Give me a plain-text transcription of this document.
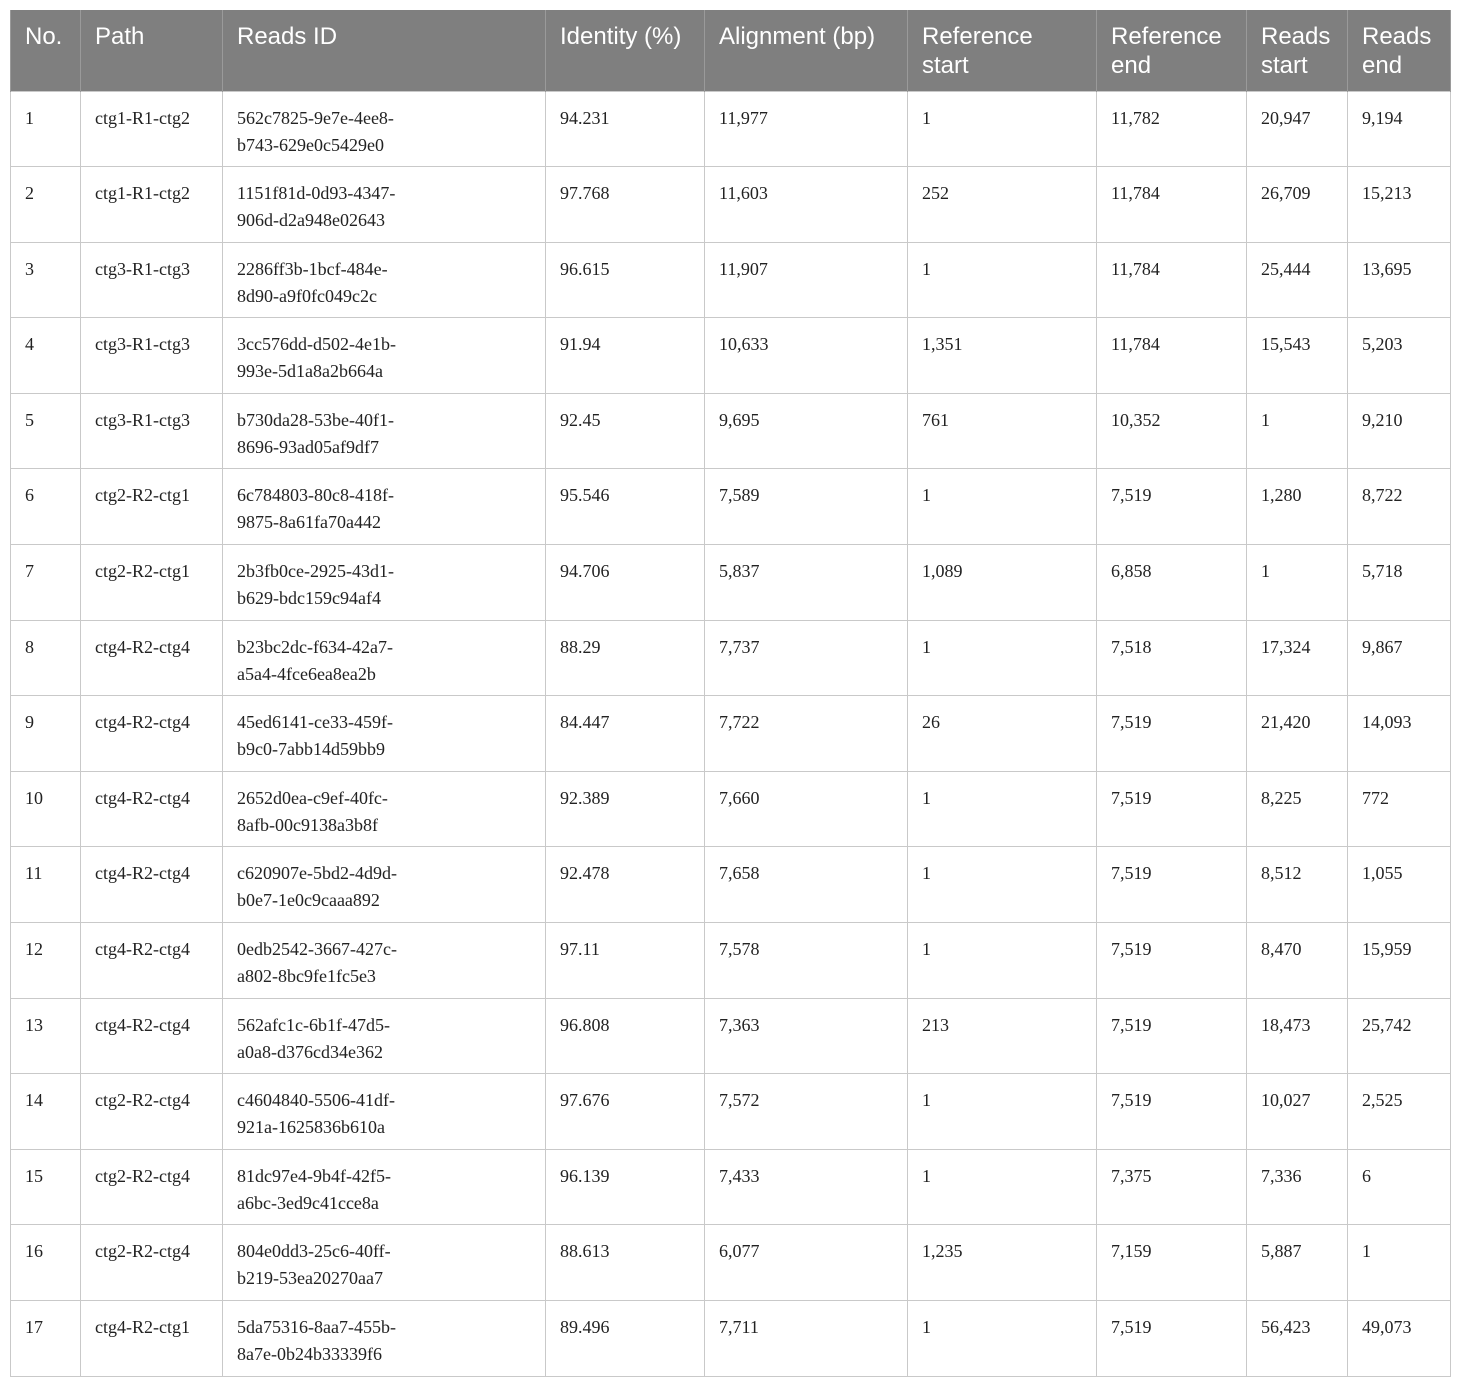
No.	Path	Reads ID	Identity (%)	Alignment (bp)	Reference start	Reference end	Reads start	Reads end
1	ctg1-R1-ctg2	562c7825-9e7e-4ee8-
b743-629e0c5429e0	94.231	11,977	1	11,782	20,947	9,194
2	ctg1-R1-ctg2	1151f81d-0d93-4347-
906d-d2a948e02643	97.768	11,603	252	11,784	26,709	15,213
3	ctg3-R1-ctg3	2286ff3b-1bcf-484e-
8d90-a9f0fc049c2c	96.615	11,907	1	11,784	25,444	13,695
4	ctg3-R1-ctg3	3cc576dd-d502-4e1b-
993e-5d1a8a2b664a	91.94	10,633	1,351	11,784	15,543	5,203
5	ctg3-R1-ctg3	b730da28-53be-40f1-
8696-93ad05af9df7	92.45	9,695	761	10,352	1	9,210
6	ctg2-R2-ctg1	6c784803-80c8-418f-
9875-8a61fa70a442	95.546	7,589	1	7,519	1,280	8,722
7	ctg2-R2-ctg1	2b3fb0ce-2925-43d1-
b629-bdc159c94af4	94.706	5,837	1,089	6,858	1	5,718
8	ctg4-R2-ctg4	b23bc2dc-f634-42a7-
a5a4-4fce6ea8ea2b	88.29	7,737	1	7,518	17,324	9,867
9	ctg4-R2-ctg4	45ed6141-ce33-459f-
b9c0-7abb14d59bb9	84.447	7,722	26	7,519	21,420	14,093
10	ctg4-R2-ctg4	2652d0ea-c9ef-40fc-
8afb-00c9138a3b8f	92.389	7,660	1	7,519	8,225	772
11	ctg4-R2-ctg4	c620907e-5bd2-4d9d-
b0e7-1e0c9caaa892	92.478	7,658	1	7,519	8,512	1,055
12	ctg4-R2-ctg4	0edb2542-3667-427c-
a802-8bc9fe1fc5e3	97.11	7,578	1	7,519	8,470	15,959
13	ctg4-R2-ctg4	562afc1c-6b1f-47d5-
a0a8-d376cd34e362	96.808	7,363	213	7,519	18,473	25,742
14	ctg2-R2-ctg4	c4604840-5506-41df-
921a-1625836b610a	97.676	7,572	1	7,519	10,027	2,525
15	ctg2-R2-ctg4	81dc97e4-9b4f-42f5-
a6bc-3ed9c41cce8a	96.139	7,433	1	7,375	7,336	6
16	ctg2-R2-ctg4	804e0dd3-25c6-40ff-
b219-53ea20270aa7	88.613	6,077	1,235	7,159	5,887	1
17	ctg4-R2-ctg1	5da75316-8aa7-455b-
8a7e-0b24b33339f6	89.496	7,711	1	7,519	56,423	49,073
